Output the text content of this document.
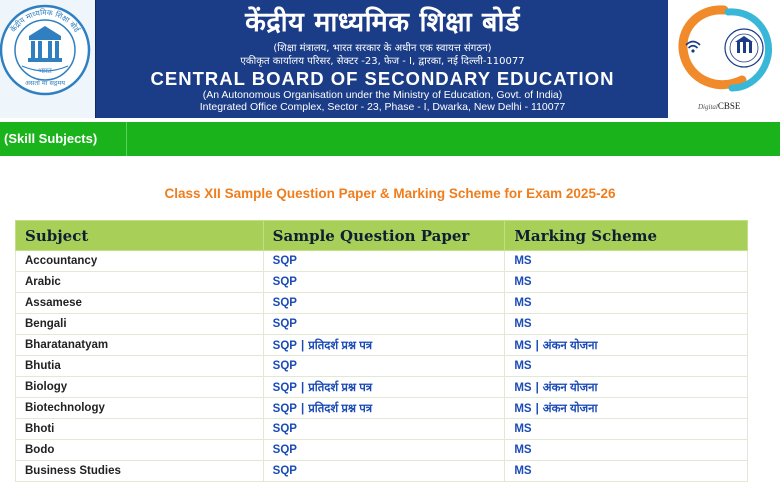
भारत
असतो मा सद्गमय
केंद्रीय माध्यमिक शिक्षा बोर्ड	केंद्रीय माध्यमिक शिक्षा बोर्ड
(शिक्षा मंत्रालय, भारत सरकार के अधीन एक स्वायत्त संगठन)
एकीकृत कार्यालय परिसर, सेक्टर -23, फेज - I, द्वारका, नई दिल्ली-110077
CENTRAL BOARD OF SECONDARY EDUCATION
(An Autonomous Organisation under the Ministry of Education, Govt. of India)
Integrated Office Complex, Sector - 23, Phase - I, Dwarka, New Delhi - 110077	DigitalCBSE
(Skill Subjects)
Class XII Sample Question Paper & Marking Scheme for Exam 2025-26
Subject	Sample Question Paper	Marking Scheme
Accountancy	SQP	MS
Arabic	SQP	MS
Assamese	SQP	MS
Bengali	SQP	MS
Bharatanatyam	SQP | प्रतिदर्श प्रश्न पत्र	MS | अंकन योजना
Bhutia	SQP	MS
Biology	SQP | प्रतिदर्श प्रश्न पत्र	MS | अंकन योजना
Biotechnology	SQP | प्रतिदर्श प्रश्न पत्र	MS | अंकन योजना
Bhoti	SQP	MS
Bodo	SQP	MS
Business Studies	SQP	MS
